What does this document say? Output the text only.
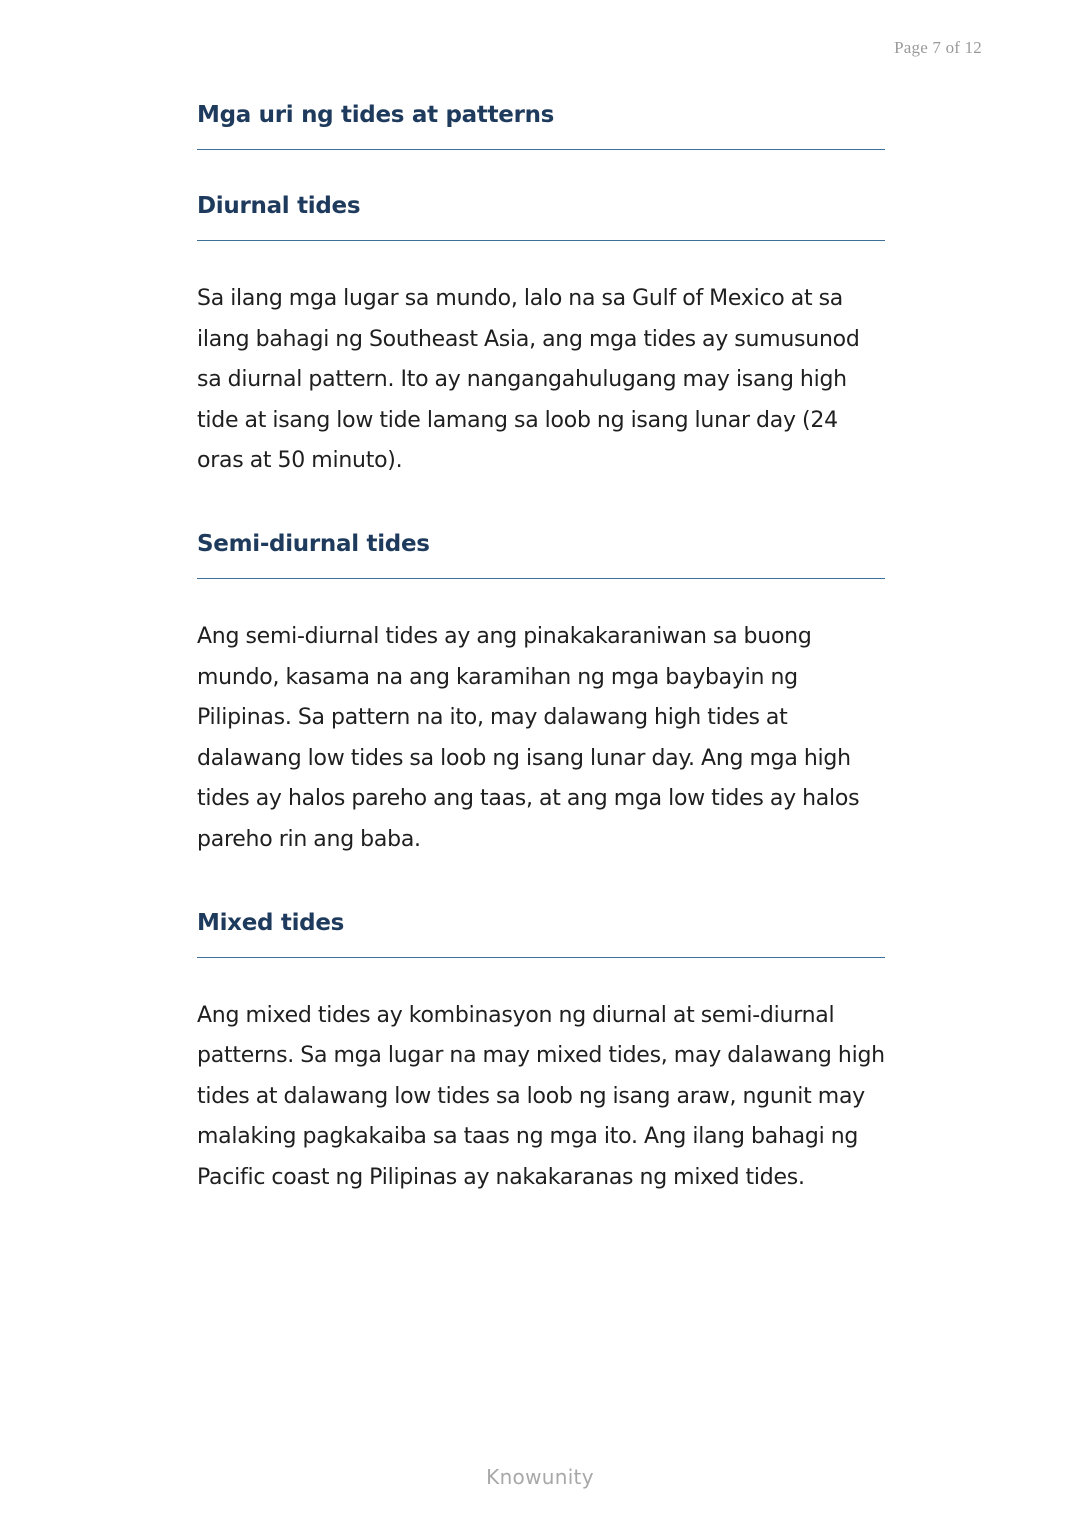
Page 7 of 12
Mga uri ng tides at patterns
Diurnal tides

Sa ilang mga lugar sa mundo, lalo na sa Gulf of Mexico at sa ilang bahagi ng Southeast Asia, ang mga tides ay sumusunod sa diurnal pattern. Ito ay nangangahulugang may isang high tide at isang low tide lamang sa loob ng isang lunar day (24 oras at 50 minuto).

Semi-diurnal tides

Ang semi-diurnal tides ay ang pinakakaraniwan sa buong mundo, kasama na ang karamihan ng mga baybayin ng Pilipinas. Sa pattern na ito, may dalawang high tides at dalawang low tides sa loob ng isang lunar day. Ang mga high tides ay halos pareho ang taas, at ang mga low tides ay halos pareho rin ang baba.

Mixed tides

Ang mixed tides ay kombinasyon ng diurnal at semi-diurnal patterns. Sa mga lugar na may mixed tides, may dalawang high tides at dalawang low tides sa loob ng isang araw, ngunit may malaking pagkakaiba sa taas ng mga ito. Ang ilang bahagi ng Pacific coast ng Pilipinas ay nakakaranas ng mixed tides.

Knowunity
